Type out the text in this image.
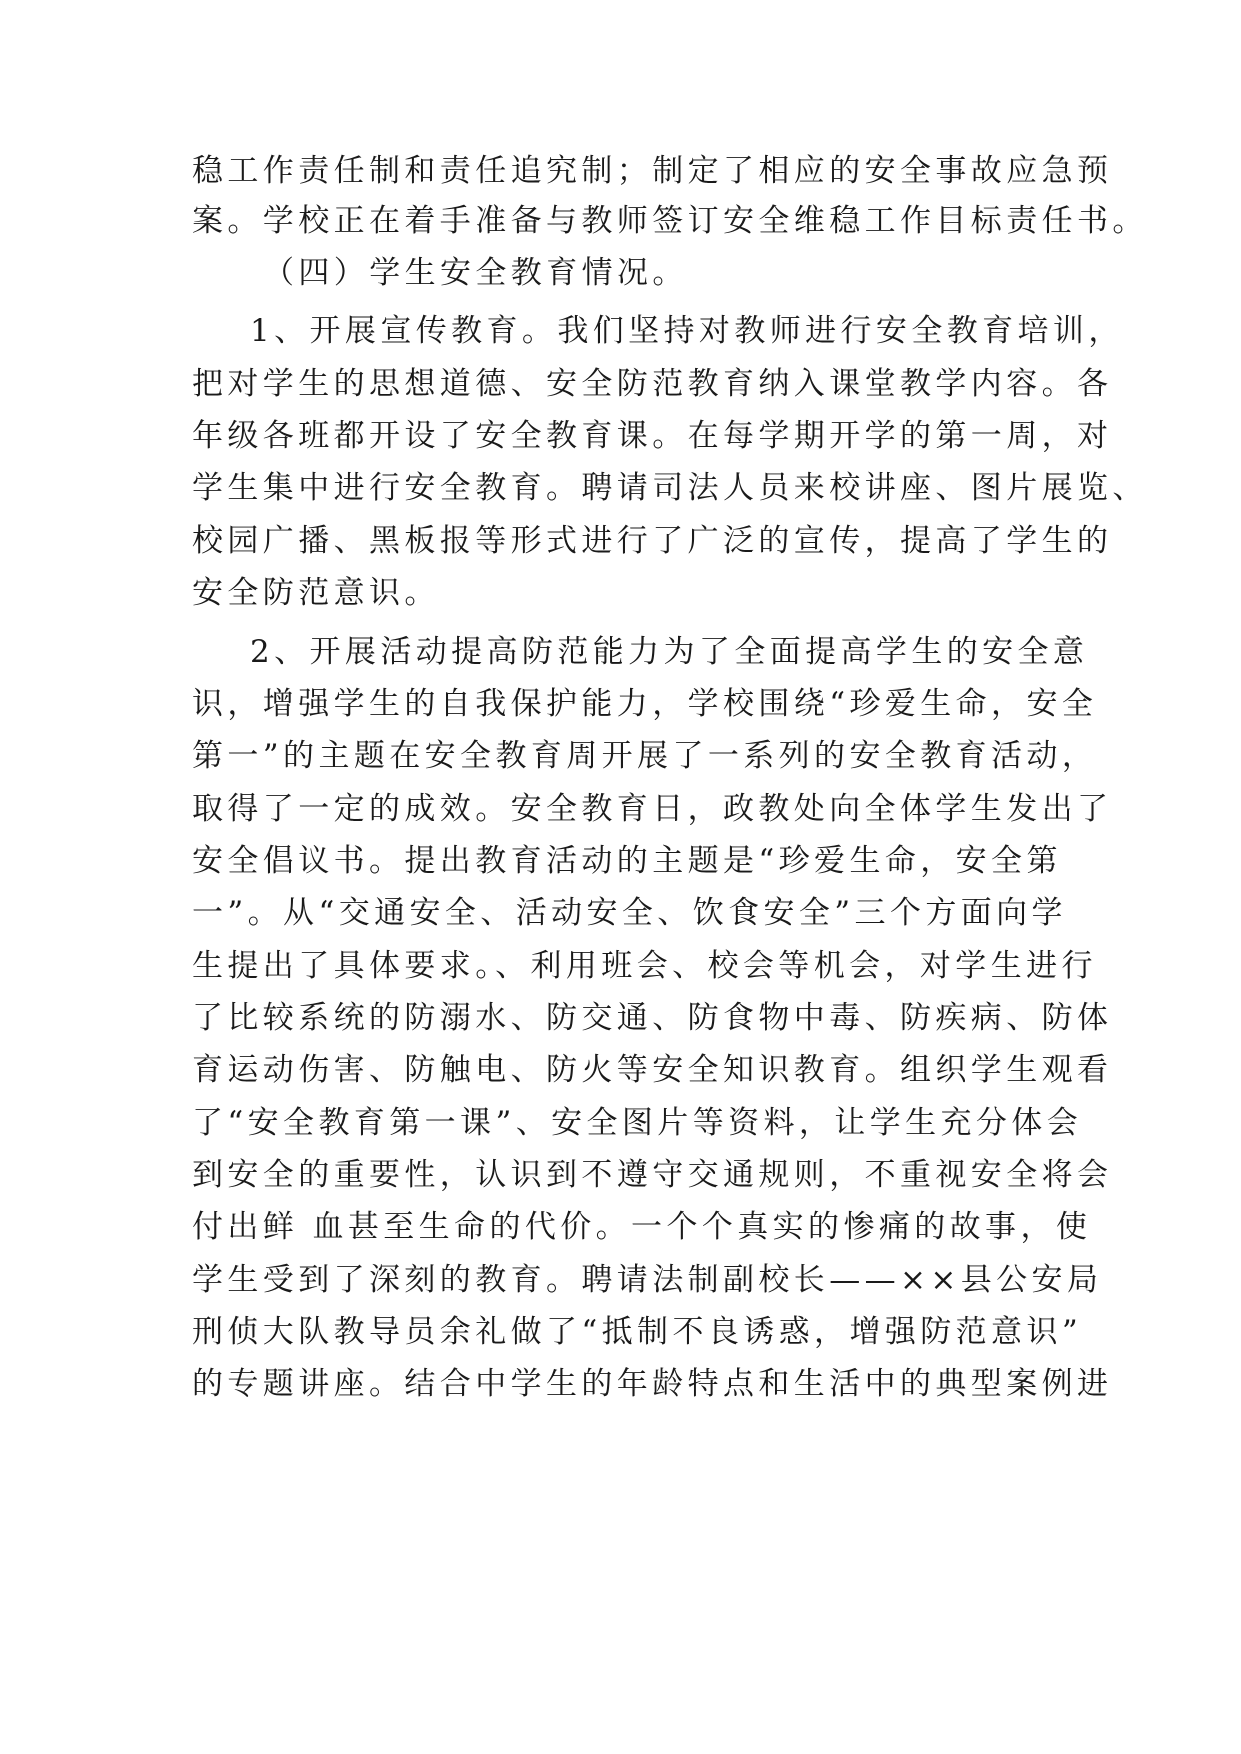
稳工作责任制和责任追究制；制定了相应的安全事故应急预
案。学校正在着手准备与教师签订安全维稳工作目标责任书。
（四）学生安全教育情况。
1、开展宣传教育。我们坚持对教师进行安全教育培训，
把对学生的思想道德、安全防范教育纳入课堂教学内容。各
年级各班都开设了安全教育课。在每学期开学的第一周，对
学生集中进行安全教育。聘请司法人员来校讲座、图片展览、
校园广播、黑板报等形式进行了广泛的宣传，提高了学生的
安全防范意识。
2、开展活动提高防范能力为了全面提高学生的安全意
识，增强学生的自我保护能力，学校围绕“珍爱生命，安全
第一”的主题在安全教育周开展了一系列的安全教育活动，
取得了一定的成效。安全教育日，政教处向全体学生发出了
安全倡议书。提出教育活动的主题是“珍爱生命，安全第
一”。从“交通安全、活动安全、饮食安全”三个方面向学
生提出了具体要求。、利用班会、校会等机会，对学生进行
了比较系统的防溺水、防交通、防食物中毒、防疾病、防体
育运动伤害、防触电、防火等安全知识教育。组织学生观看
了“安全教育第一课”、安全图片等资料，让学生充分体会
到安全的重要性，认识到不遵守交通规则，不重视安全将会
付出鲜 血甚至生命的代价。一个个真实的惨痛的故事，使
学生受到了深刻的教育。聘请法制副校长——××县公安局
刑侦大队教导员余礼做了“抵制不良诱惑，增强防范意识”
的专题讲座。结合中学生的年龄特点和生活中的典型案例进
